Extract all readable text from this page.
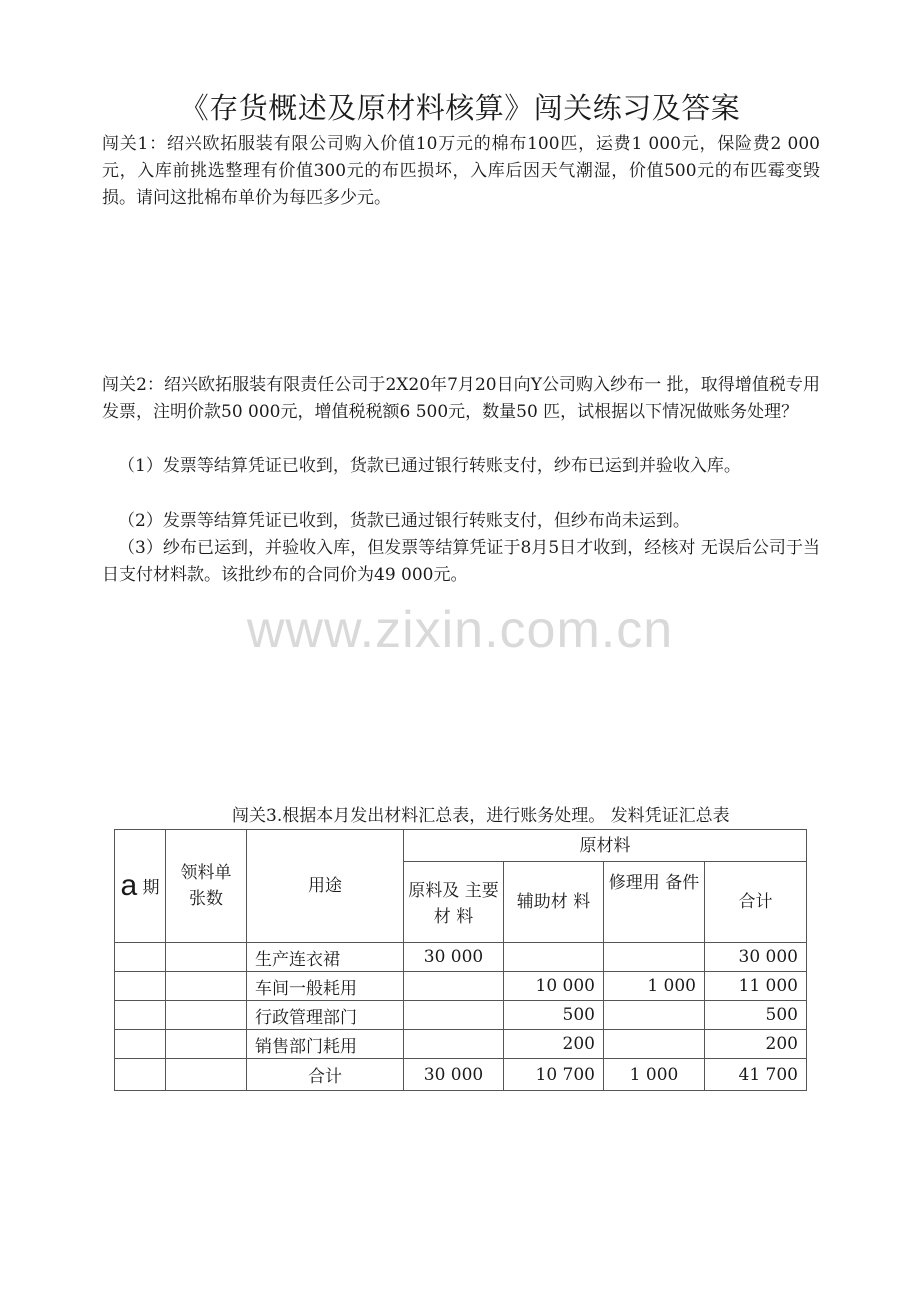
《存货概述及原材料核算》闯关练习及答案
闯关1：绍兴欧拓服装有限公司购入价值10万元的棉布100匹，运费1 000元，保险费2 000元，入库前挑选整理有价值300元的布匹损坏，入库后因天气潮湿，价值500元的布匹霉变毁损。请问这批棉布单价为每匹多少元。
闯关2：绍兴欧拓服装有限责任公司于2X20年7月20日向Y公司购入纱布一 批，取得增值税专用发票，注明价款50 000元，增值税税额6 500元，数量50 匹，试根据以下情况做账务处理？
（1）发票等结算凭证已收到，货款已通过银行转账支付，纱布已运到并验收入库。
（2）发票等结算凭证已收到，货款已通过银行转账支付，但纱布尚未运到。
（3）纱布已运到，并验收入库，但发票等结算凭证于8月5日才收到，经核对 无误后公司于当日支付材料款。该批纱布的合同价为49 000元。
www.zixin.com.cn
闯关3.根据本月发出材料汇总表，进行账务处理。 发料凭证汇总表
a 期	领料单张数	用途	原材料			

			原料及 主要材 料	辅助材 料	修理用 备件	合计
		生产连衣裙	30 000			30 000
		车间一般耗用		10 000	1 000	11 000
		行政管理部门		500		500
		销售部门耗用		200		200
		合计	30 000	10 700	1 000	41 700
